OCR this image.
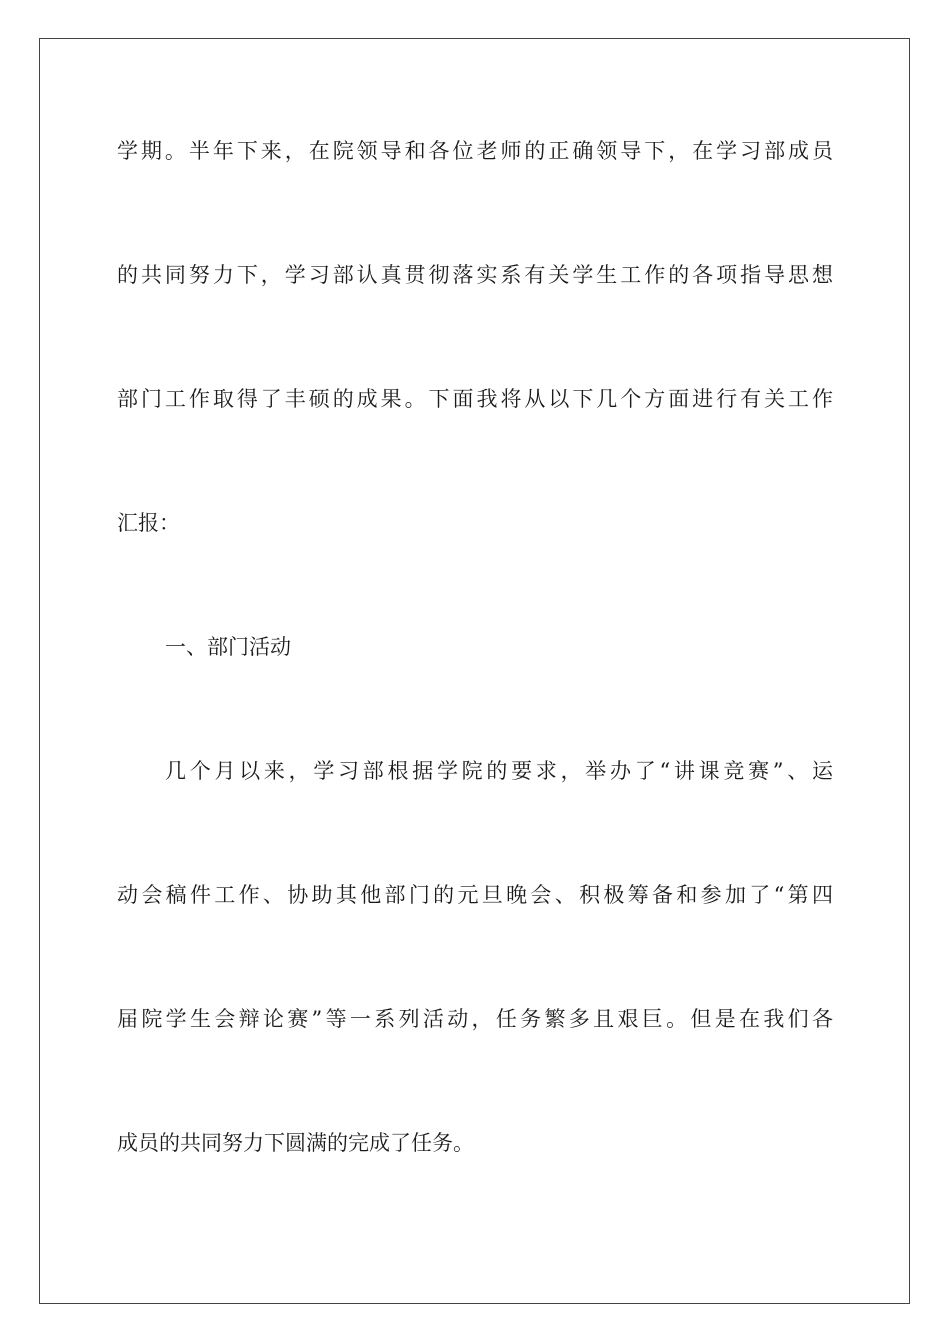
学期。半年下来，在院领导和各位老师的正确领导下，在学习部成员
的共同努力下，学习部认真贯彻落实系有关学生工作的各项指导思想
部门工作取得了丰硕的成果。下面我将从以下几个方面进行有关工作
汇报：
一、部门活动
几个月以来，学习部根据学院的要求，举办了“讲课竞赛”、运
动会稿件工作、协助其他部门的元旦晚会、积极筹备和参加了“第四
届院学生会辩论赛”等一系列活动，任务繁多且艰巨。但是在我们各
成员的共同努力下圆满的完成了任务。
